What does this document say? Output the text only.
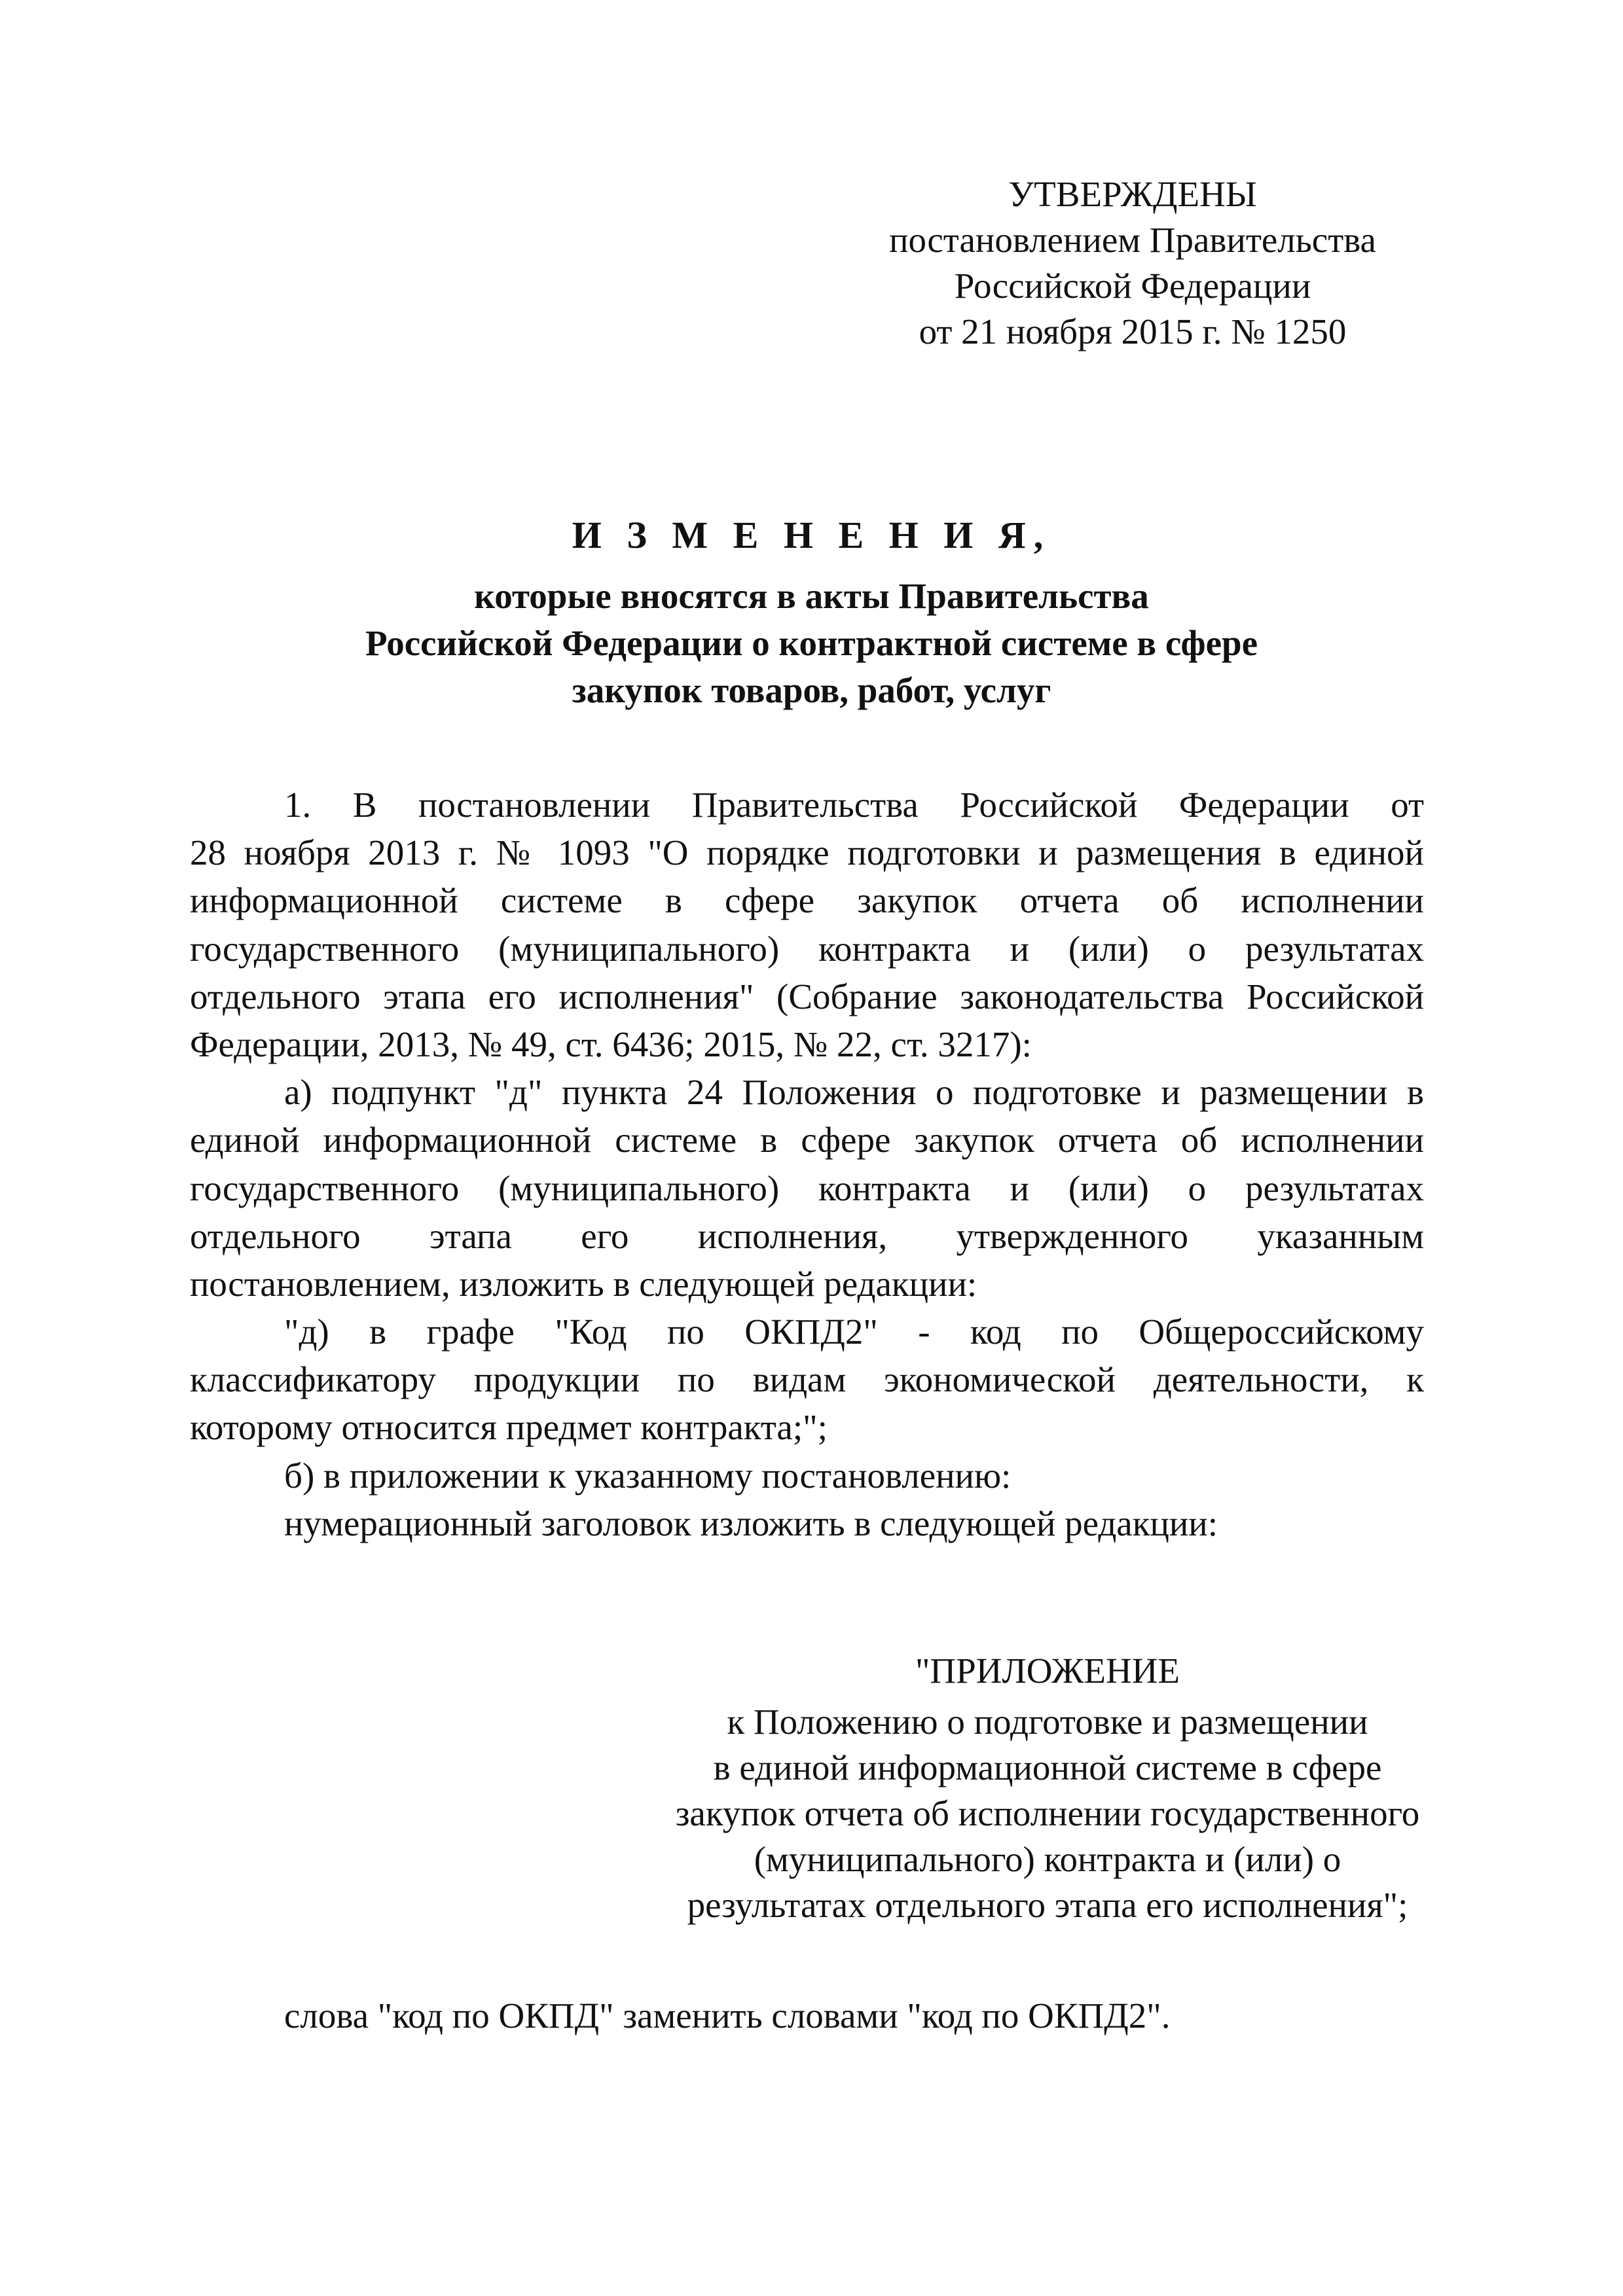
УТВЕРЖДЕНЫ
постановлением Правительства
Российской Федерации
от 21 ноября 2015 г. № 1250
И З М Е Н Е Н И Я,
которые вносятся в акты Правительства
Российской Федерации о контрактной системе в сфере
закупок товаров, работ, услуг
1. В постановлении Правительства Российской Федерации от
28 ноября 2013 г. № 1093 "О порядке подготовки и размещения в единой
информационной системе в сфере закупок отчета об исполнении
государственного (муниципального) контракта и (или) о результатах
отдельного этапа его исполнения" (Собрание законодательства Российской
Федерации, 2013, № 49, ст. 6436; 2015, № 22, ст. 3217):
а) подпункт "д" пункта 24 Положения о подготовке и размещении в
единой информационной системе в сфере закупок отчета об исполнении
государственного (муниципального) контракта и (или) о результатах
отдельного этапа его исполнения, утвержденного указанным
постановлением, изложить в следующей редакции:
"д) в графе "Код по ОКПД2" - код по Общероссийскому
классификатору продукции по видам экономической деятельности, к
которому относится предмет контракта;";
б) в приложении к указанному постановлению:
нумерационный заголовок изложить в следующей редакции:
"ПРИЛОЖЕНИЕ
к Положению о подготовке и размещении
в единой информационной системе в сфере
закупок отчета об исполнении государственного
(муниципального) контракта и (или) о
результатах отдельного этапа его исполнения";
слова "код по ОКПД" заменить словами "код по ОКПД2".
